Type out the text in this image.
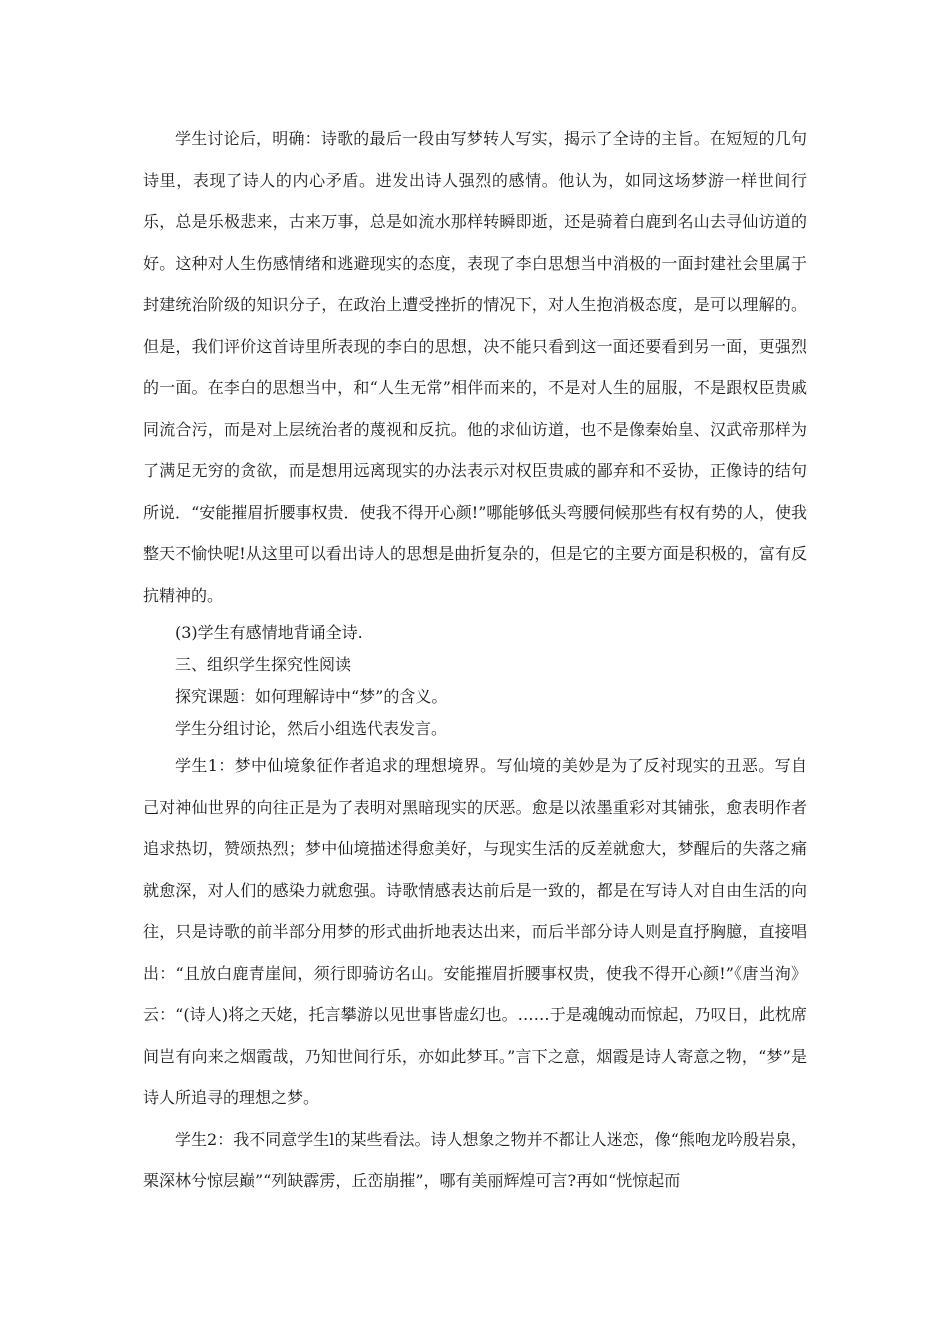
学生讨论后，明确：诗歌的最后一段由写梦转人写实，揭示了全诗的主旨。在短短的几句诗里，表现了诗人的内心矛盾。进发出诗人强烈的感情。他认为，如同这场梦游一样世间行乐，总是乐极悲来，古来万事，总是如流水那样转瞬即逝，还是骑着白鹿到名山去寻仙访道的好。这种对人生伤感情绪和逃避现实的态度，表现了李白思想当中消极的一面封建社会里属于封建统治阶级的知识分子，在政治上遭受挫折的情况下，对人生抱消极态度，是可以理解的。但是，我们评价这首诗里所表现的李白的思想，决不能只看到这一面还要看到另一面，更强烈的一面。在李白的思想当中，和“人生无常”相伴而来的，不是对人生的屈服，不是跟权臣贵戚同流合污，而是对上层统治者的蔑视和反抗。他的求仙访道，也不是像秦始皇、汉武帝那样为了满足无穷的贪欲，而是想用远离现实的办法表示对权臣贵戚的鄙弃和不妥协，正像诗的结句所说．“安能摧眉折腰事权贵．使我不得开心颜!”哪能够低头弯腰伺候那些有权有势的人，使我整天不愉快呢!从这里可以看出诗人的思想是曲折复杂的，但是它的主要方面是积极的，富有反抗精神的。

(3)学生有感情地背诵全诗.

三、组织学生探究性阅读

探究课题：如何理解诗中“梦”的含义。

学生分组讨论，然后小组选代表发言。

学生1：梦中仙境象征作者追求的理想境界。写仙境的美妙是为了反衬现实的丑恶。写自己对神仙世界的向往正是为了表明对黑暗现实的厌恶。愈是以浓墨重彩对其铺张，愈表明作者追求热切，赞颂热烈；梦中仙境描述得愈美好，与现实生活的反差就愈大，梦醒后的失落之痛就愈深，对人们的感染力就愈强。诗歌情感表达前后是一致的，都是在写诗人对自由生活的向往，只是诗歌的前半部分用梦的形式曲折地表达出来，而后半部分诗人则是直抒胸臆，直接唱出：“且放白鹿青崖间，须行即骑访名山。安能摧眉折腰事权贵，使我不得开心颜!”《唐当洵》云：“(诗人)将之天姥，托言攀游以见世事皆虚幻也。……于是魂魄动而惊起，乃叹日，此枕席间岂有向来之烟霞哉，乃知世间行乐，亦如此梦耳。”言下之意，烟霞是诗人寄意之物，“梦”是诗人所追寻的理想之梦。

学生2：我不同意学生l的某些看法。诗人想象之物并不都让人迷恋，像“熊咆龙吟殷岩泉，栗深林兮惊层巅”“列缺霹雳，丘峦崩摧”，哪有美丽辉煌可言?再如“恍惊起而
